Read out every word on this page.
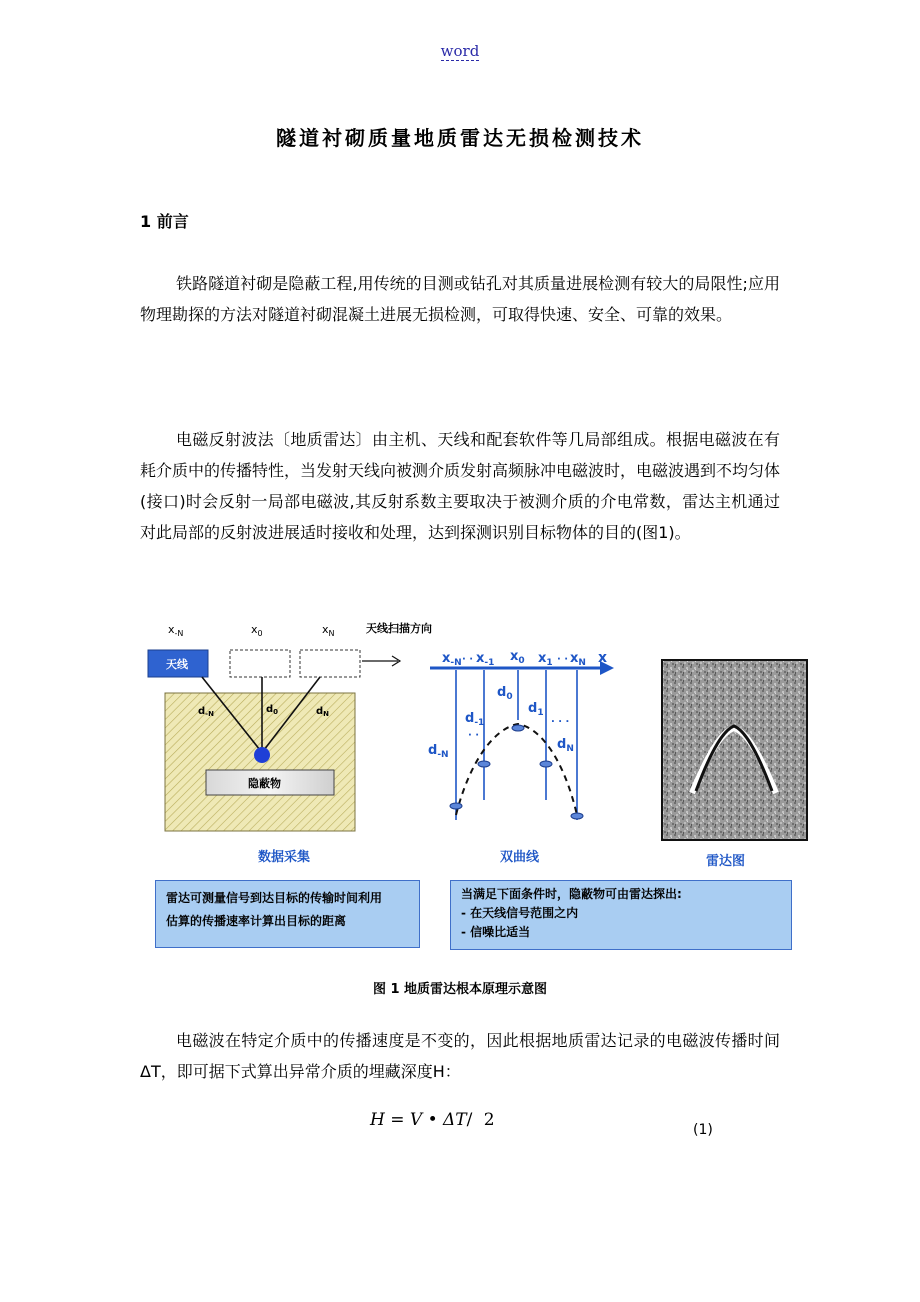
word
隧道衬砌质量地质雷达无损检测技术
1 前言
铁路隧道衬砌是隐蔽工程,用传统的目测或钻孔对其质量进展检测有较大的局限性;应用物理勘探的方法对隧道衬砌混凝土进展无损检测，可取得快速、安全、可靠的效果。
电磁反射波法〔地质雷达〕由主机、天线和配套软件等几局部组成。根据电磁波在有耗介质中的传播特性，当发射天线向被测介质发射高频脉冲电磁波时，电磁波遇到不均匀体(接口)时会反射一局部电磁波,其反射系数主要取决于被测介质的介电常数，雷达主机通过对此局部的反射波进展适时接收和处理，达到探测识别目标物体的目的(图1)。
$x_{-N}$	$x_0$	$x_N$	天线扫描方向
天线
$d_{-N}$	$d_0$	$d_N$
隐蔽物
$x_{-N}$ · · $x_{-1}$ $x_0$ $x_1$ · · $x_N$ x
$d_0$
$d_{-1}$
· ·
$d_1$
. . .
$d_{-N}$
$d_N$
数据采集	双曲线	雷达图
雷达可测量信号到达目标的传输时间利用
估算的传播速率计算出目标的距离
当满足下面条件时，隐蔽物可由雷达探出:
- 在天线信号范围之内
- 信噪比适当
图 1 地质雷达根本原理示意图
电磁波在特定介质中的传播速度是不变的，因此根据地质雷达记录的电磁波传播时间ΔT，即可据下式算出异常介质的埋藏深度H：
H = V • ΔT/ 2	(1)
